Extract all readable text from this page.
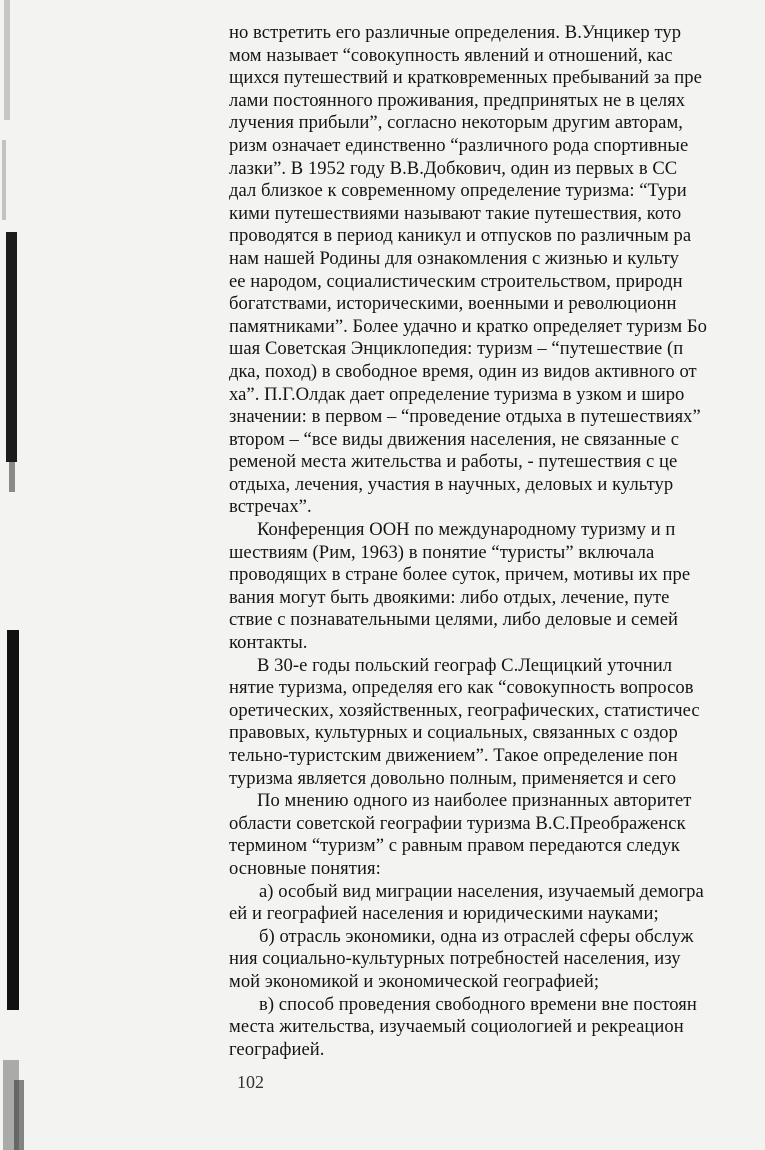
но встретить его различные определения. В.Унцикер тур
мом называет “совокупность явлений и отношений, кас
щихся путешествий и кратковременных пребываний за пре
лами постоянного проживания, предпринятых не в целях
лучения прибыли”, согласно некоторым другим авторам,
ризм означает единственно “различного рода спортивные
лазки”. В 1952 году В.В.Добкович, один из первых в СС
дал близкое к современному определение туризма: “Тури
кими путешествиями называют такие путешествия, кото
проводятся в период каникул и отпусков по различным ра
нам нашей Родины для ознакомления с жизнью и культу
ее народом, социалистическим строительством, природн
богатствами, историческими, военными и революционн
памятниками”. Более удачно и кратко определяет туризм Бо
шая Советская Энциклопедия: туризм – “путешествие (п
дка, поход) в свободное время, один из видов активного от
ха”. П.Г.Олдак дает определение туризма в узком и широ
значении: в первом – “проведение отдыха в путешествиях”
втором – “все виды движения населения, не связанные с
ременой места жительства и работы, - путешествия с це
отдыха, лечения, участия в научных, деловых и культур
встречах”.
Конференция ООН по международному туризму и п
шествиям (Рим, 1963) в понятие “туристы” включала
проводящих в стране более суток, причем, мотивы их пре
вания могут быть двоякими: либо отдых, лечение, путе
ствие с познавательными целями, либо деловые и семей
контакты.
В 30-е годы польский географ С.Лещицкий уточнил
нятие туризма, определяя его как “совокупность вопросов
оретических, хозяйственных, географических, статистичес
правовых, культурных и социальных, связанных с оздор
тельно-туристским движением”. Такое определение пон
туризма является довольно полным, применяется и сего
По мнению одного из наиболее признанных авторитет
области советской географии туризма В.С.Преображенск
термином “туризм” с равным правом передаются следук
основные понятия:
а) особый вид миграции населения, изучаемый демогра
ей и географией населения и юридическими науками;
б) отрасль экономики, одна из отраслей сферы обслуж
ния социально-культурных потребностей населения, изу
мой экономикой и экономической географией;
в) способ проведения свободного времени вне постоян
места жительства, изучаемый социологией и рекреацион
географией.
102
